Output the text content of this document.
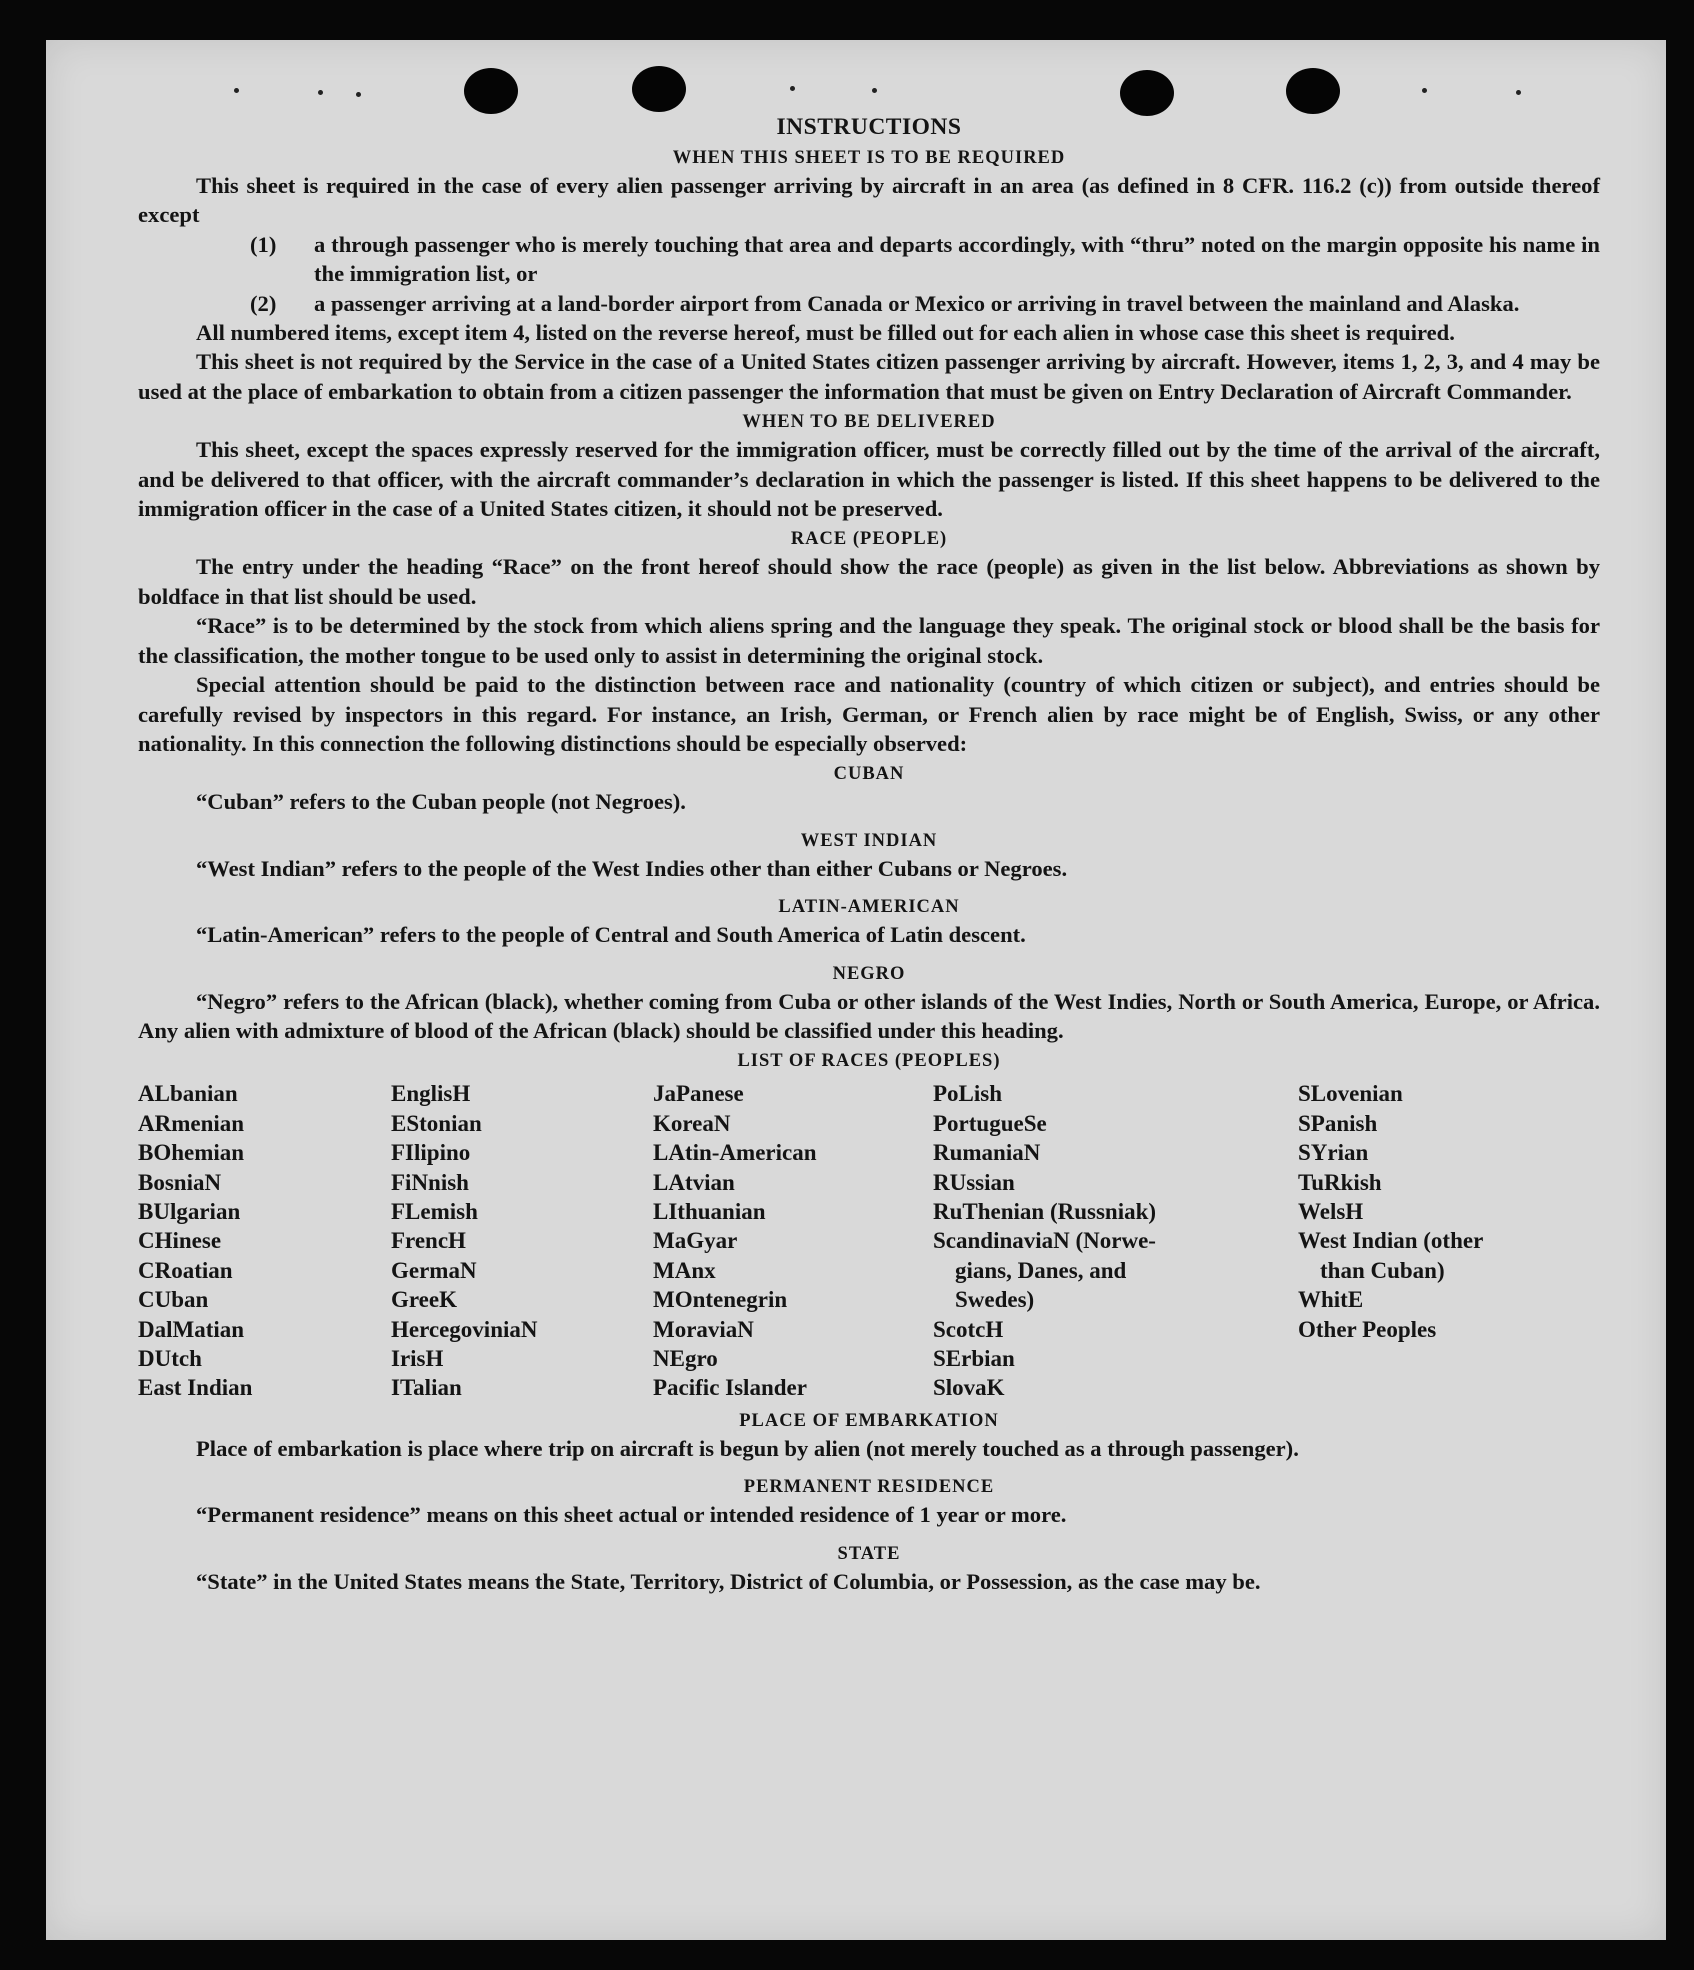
INSTRUCTIONS
WHEN THIS SHEET IS TO BE REQUIRED

This sheet is required in the case of every alien passenger arriving by aircraft in an area (as defined in 8 CFR. 116.2 (c)) from outside thereof except

(1)	a through passenger who is merely touching that area and departs accordingly, with “thru” noted on the margin opposite his name in the immigration list, or
(2)	a passenger arriving at a land-border airport from Canada or Mexico or arriving in travel between the mainland and Alaska.

All numbered items, except item 4, listed on the reverse hereof, must be filled out for each alien in whose case this sheet is required.

This sheet is not required by the Service in the case of a United States citizen passenger arriving by aircraft. However, items 1, 2, 3, and 4 may be used at the place of embarkation to obtain from a citizen passenger the information that must be given on Entry Declaration of Aircraft Commander.

WHEN TO BE DELIVERED

This sheet, except the spaces expressly reserved for the immigration officer, must be correctly filled out by the time of the arrival of the aircraft, and be delivered to that officer, with the aircraft commander’s declaration in which the passenger is listed. If this sheet happens to be delivered to the immigration officer in the case of a United States citizen, it should not be preserved.

RACE (PEOPLE)

The entry under the heading “Race” on the front hereof should show the race (people) as given in the list below. Abbreviations as shown by boldface in that list should be used.

“Race” is to be determined by the stock from which aliens spring and the language they speak. The original stock or blood shall be the basis for the classification, the mother tongue to be used only to assist in determining the original stock.

Special attention should be paid to the distinction between race and nationality (country of which citizen or subject), and entries should be carefully revised by inspectors in this regard. For instance, an Irish, German, or French alien by race might be of English, Swiss, or any other nationality. In this connection the following distinctions should be especially observed:

CUBAN

“Cuban” refers to the Cuban people (not Negroes).

WEST INDIAN

“West Indian” refers to the people of the West Indies other than either Cubans or Negroes.

LATIN-AMERICAN

“Latin-American” refers to the people of Central and South America of Latin descent.

NEGRO

“Negro” refers to the African (black), whether coming from Cuba or other islands of the West Indies, North or South America, Europe, or Africa. Any alien with admixture of blood of the African (black) should be classified under this heading.

LIST OF RACES (PEOPLES)
ALbanian
ARmenian
BOhemian
BosniaN
BUlgarian
CHinese
CRoatian
CUban
DalMatian
DUtch
East Indian
EnglisH
EStonian
FIlipino
FiNnish
FLemish
FrencH
GermaN
GreeK
HercegoviniaN
IrisH
ITalian
JaPanese
KoreaN
LAtin-American
LAtvian
LIthuanian
MaGyar
MAnx
MOntenegrin
MoraviaN
NEgro
Pacific Islander
PoLish
PortugueSe
RumaniaN
RUssian
RuThenian (Russniak)
ScandinaviaN (Norwe-
gians, Danes, and
Swedes)
ScotcH
SErbian
SlovaK
SLovenian
SPanish
SYrian
TuRkish
WelsH
West Indian (other
than Cuban)
WhitE
Other Peoples
PLACE OF EMBARKATION

Place of embarkation is place where trip on aircraft is begun by alien (not merely touched as a through passenger).

PERMANENT RESIDENCE

“Permanent residence” means on this sheet actual or intended residence of 1 year or more.

STATE

“State” in the United States means the State, Territory, District of Columbia, or Possession, as the case may be.
